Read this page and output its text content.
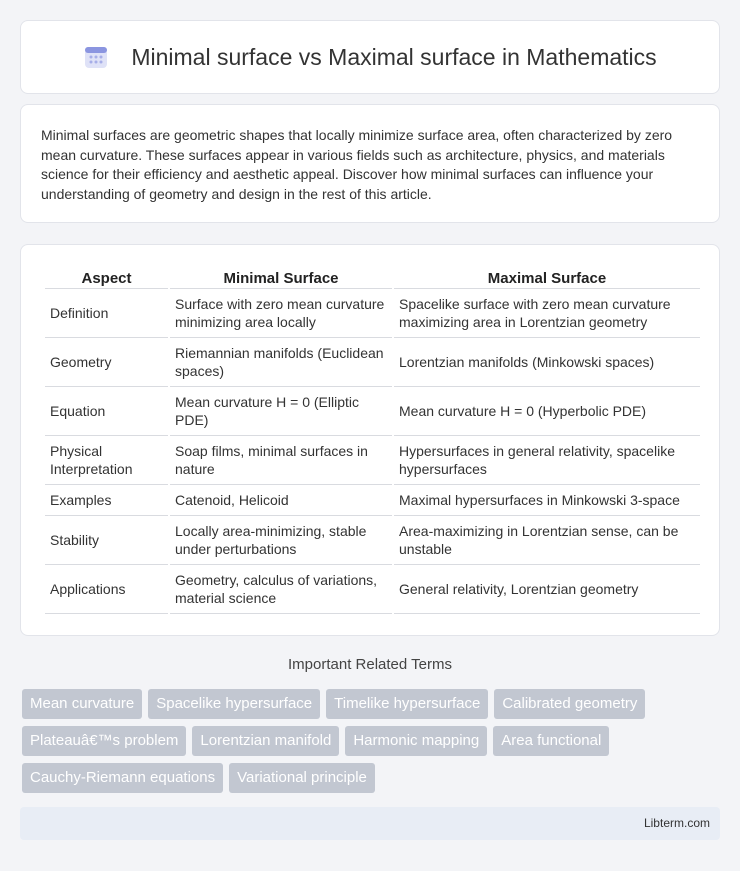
Minimal surface vs Maximal surface in Mathematics

Minimal surfaces are geometric shapes that locally minimize surface area, often characterized by zero mean curvature. These surfaces appear in various fields such as architecture, physics, and materials science for their efficiency and aesthetic appeal. Discover how minimal surfaces can influence your understanding of geometry and design in the rest of this article.

Aspect	Minimal Surface	Maximal Surface
Definition	Surface with zero mean curvature minimizing area locally	Spacelike surface with zero mean curvature maximizing area in Lorentzian geometry
Geometry	Riemannian manifolds (Euclidean spaces)	Lorentzian manifolds (Minkowski spaces)
Equation	Mean curvature H = 0 (Elliptic PDE)	Mean curvature H = 0 (Hyperbolic PDE)
Physical Interpretation	Soap films, minimal surfaces in nature	Hypersurfaces in general relativity, spacelike hypersurfaces
Examples	Catenoid, Helicoid	Maximal hypersurfaces in Minkowski 3-space
Stability	Locally area-minimizing, stable under perturbations	Area-maximizing in Lorentzian sense, can be unstable
Applications	Geometry, calculus of variations, material science	General relativity, Lorentzian geometry
Important Related Terms
Mean curvature	Spacelike hypersurface	Timelike hypersurface	Calibrated geometry
Plateauâ€™s problem	Lorentzian manifold	Harmonic mapping	Area functional
Cauchy-Riemann equations	Variational principle
Libterm.com
